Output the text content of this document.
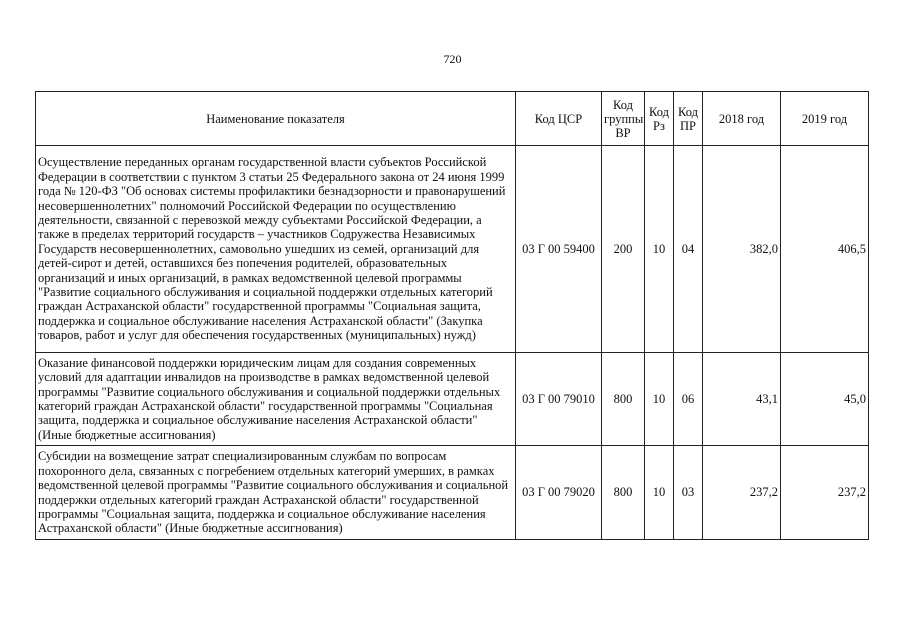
720
Наименование показателя	Код ЦСР	Код группы ВР	Код Рз	Код ПР	2018 год	2019 год
Осуществление переданных органам государственной власти субъектов Российской Федерации в соответствии с пунктом 3 статьи 25 Федерального закона от 24 июня 1999 года № 120-ФЗ "Об основах системы профилактики безнадзорности и правонарушений несовершеннолетних" полномочий Российской Федерации по осуществлению деятельности, связанной с перевозкой между субъектами Российской Федерации, а также в пределах территорий государств – участников Содружества Независимых Государств несовершеннолетних, самовольно ушедших из семей, организаций для детей-сирот и детей, оставшихся без попечения родителей, образовательных организаций и иных организаций, в рамках ведомственной целевой программы "Развитие социального обслуживания и социальной поддержки отдельных категорий граждан Астраханской области" государственной программы "Социальная защита, поддержка и социальное обслуживание населения Астраханской области" (Закупка товаров, работ и услуг для обеспечения государственных (муниципальных) нужд)	03 Г 00 59400	200	10	04	382,0	406,5
Оказание финансовой поддержки юридическим лицам для создания современных условий для адаптации инвалидов на производстве в рамках ведомственной целевой программы "Развитие социального обслуживания и социальной поддержки отдельных категорий граждан Астраханской области" государственной программы "Социальная защита, поддержка и социальное обслуживание населения Астраханской области" (Иные бюджетные ассигнования)	03 Г 00 79010	800	10	06	43,1	45,0
Субсидии на возмещение затрат специализированным службам по вопросам похоронного дела, связанных с погребением отдельных категорий умерших, в рамках ведомственной целевой программы "Развитие социального обслуживания и социальной поддержки отдельных категорий граждан Астраханской области" государственной программы "Социальная защита, поддержка и социальное обслуживание населения Астраханской области" (Иные бюджетные ассигнования)	03 Г 00 79020	800	10	03	237,2	237,2
